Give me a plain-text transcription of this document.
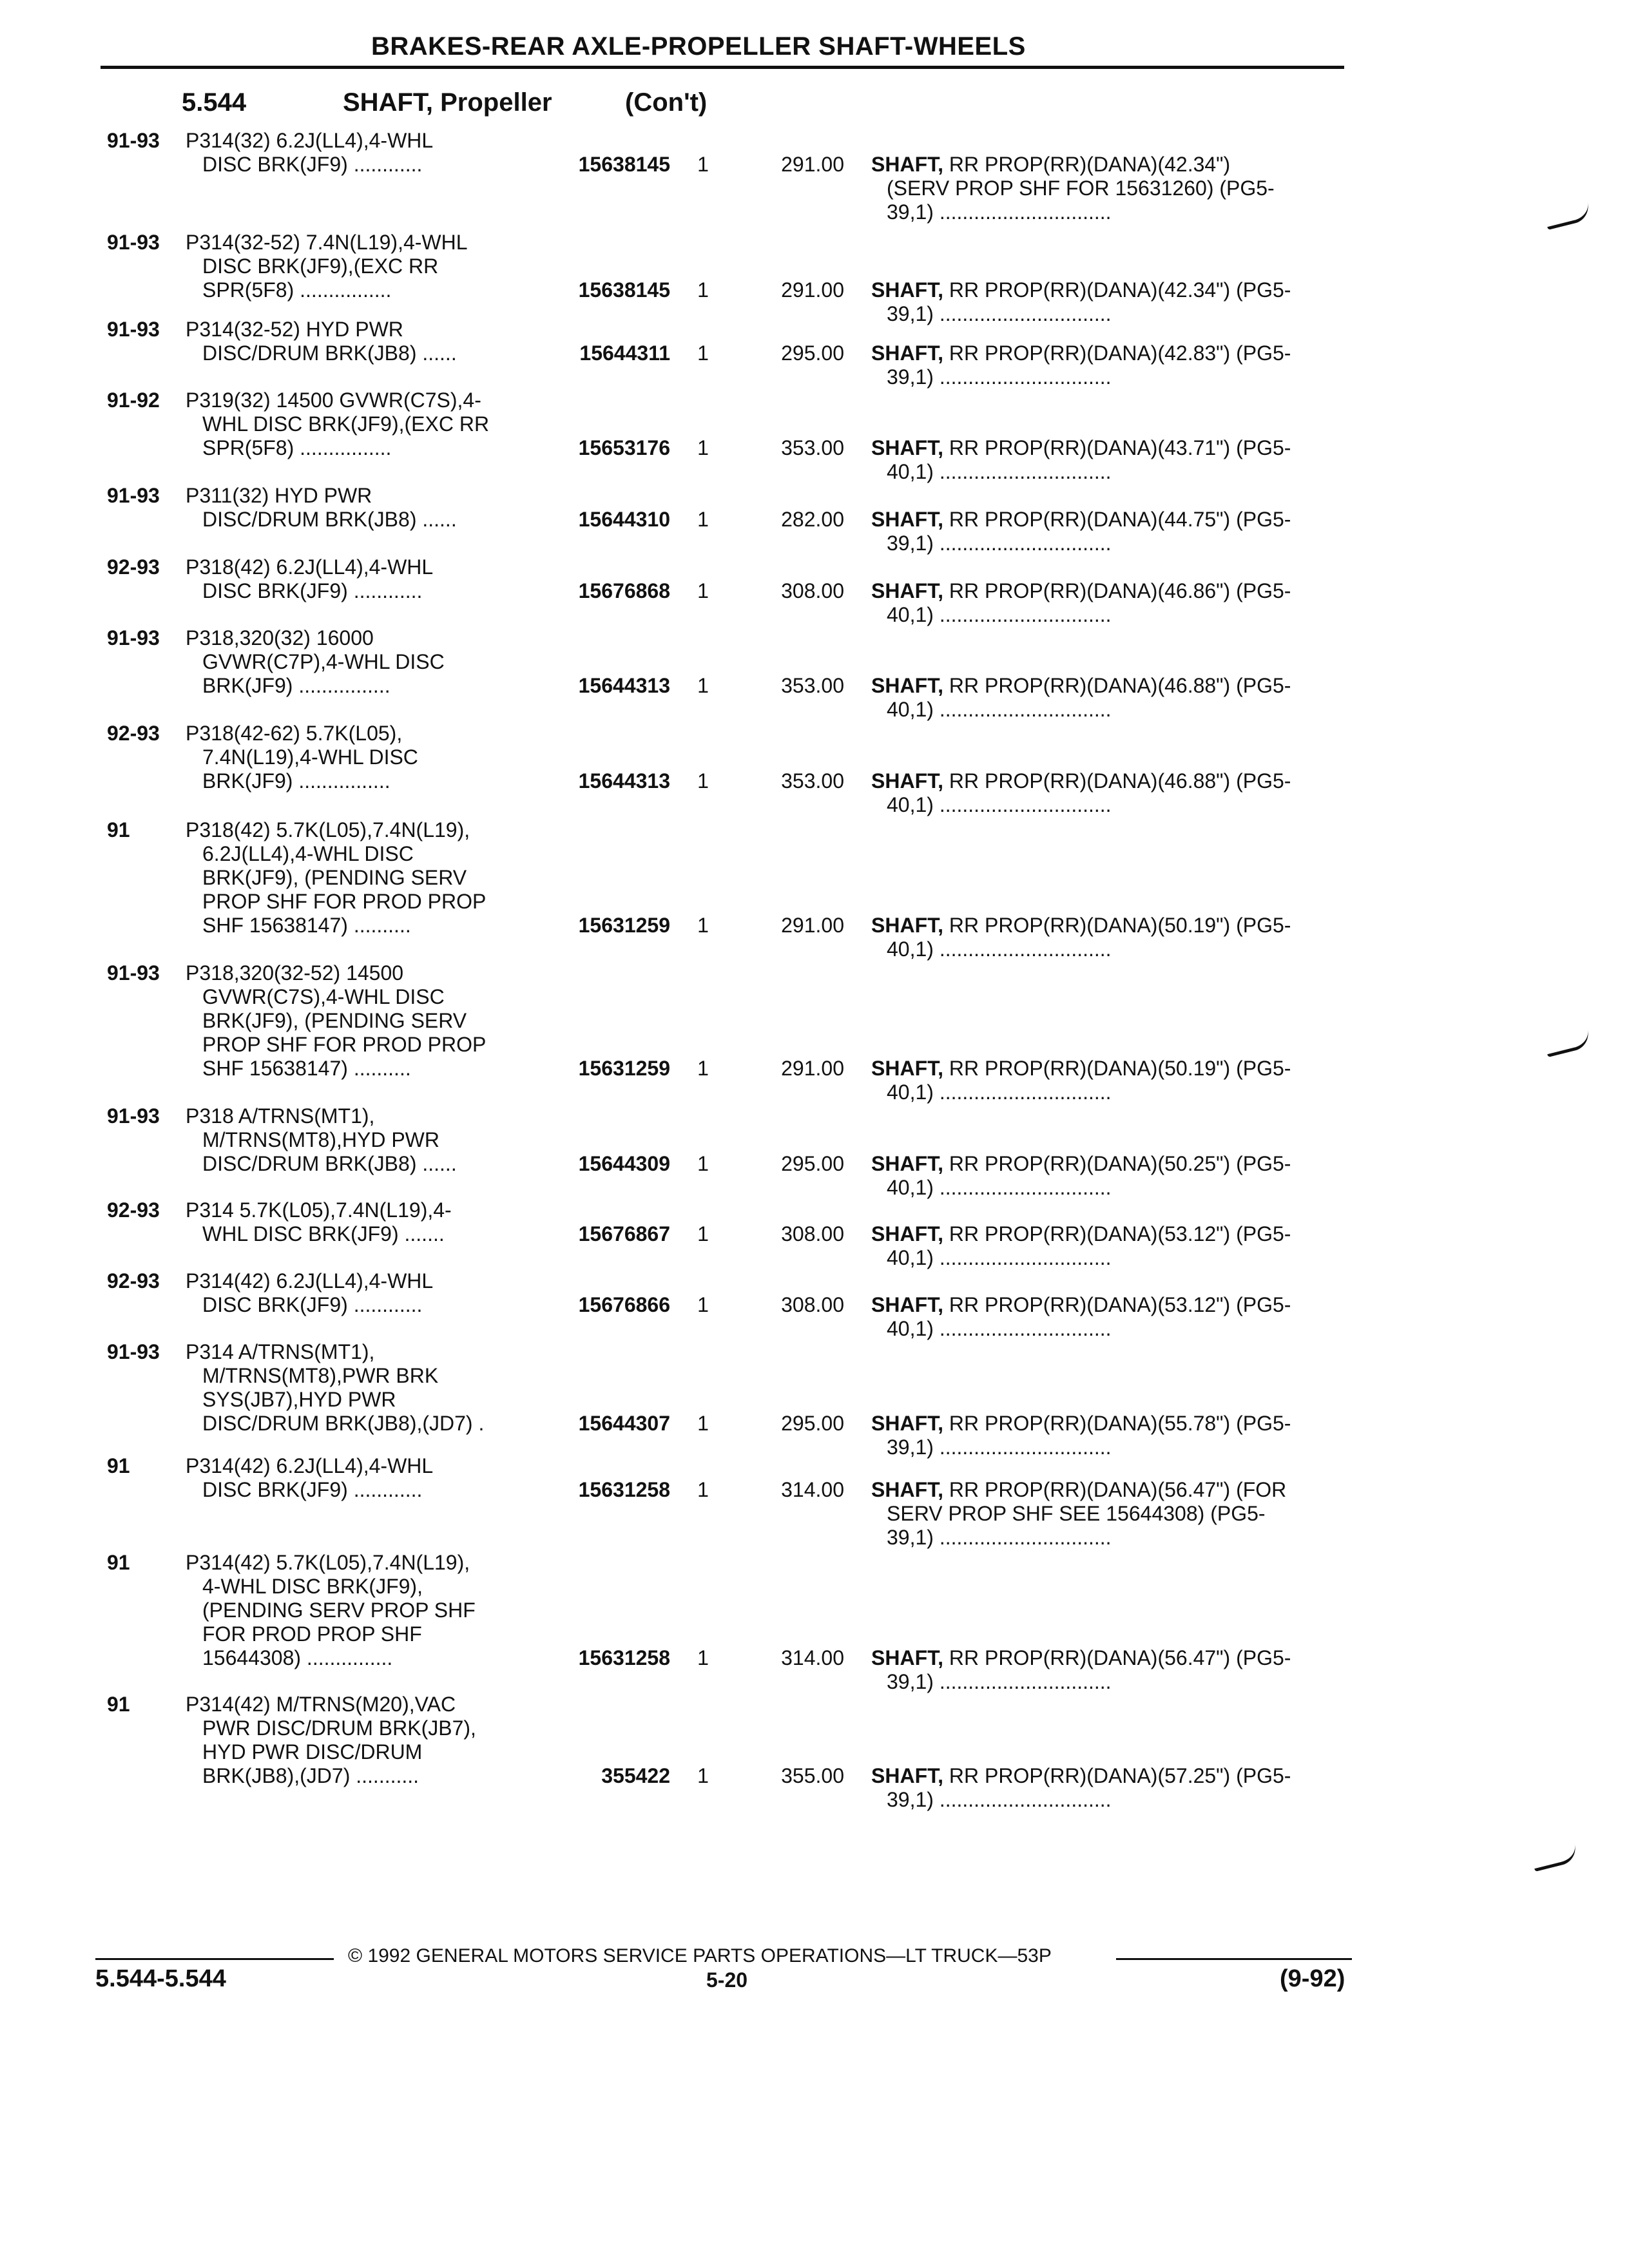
BRAKES-REAR AXLE-PROPELLER SHAFT-WHEELS
5.544	SHAFT, Propeller	(Con't)
91-93 P314(32) 6.2J(LL4),4-WHL
DISC BRK(JF9) ............	15638145 1	291.00 SHAFT, RR PROP(RR)(DANA)(42.34")
(SERV PROP SHF FOR 15631260) (PG5-
39,1) ..............................
91-93 P314(32-52) 7.4N(L19),4-WHL
DISC BRK(JF9),(EXC RR
SPR(5F8) ................	15638145 1	291.00 SHAFT, RR PROP(RR)(DANA)(42.34") (PG5-
39,1) ..............................
91-93 P314(32-52) HYD PWR
DISC/DRUM BRK(JB8) ......	15644311 1	295.00 SHAFT, RR PROP(RR)(DANA)(42.83") (PG5-
39,1) ..............................
91-92 P319(32) 14500 GVWR(C7S),4-
WHL DISC BRK(JF9),(EXC RR
SPR(5F8) ................	15653176 1	353.00 SHAFT, RR PROP(RR)(DANA)(43.71") (PG5-
40,1) ..............................
91-93 P311(32) HYD PWR
DISC/DRUM BRK(JB8) ......	15644310 1	282.00 SHAFT, RR PROP(RR)(DANA)(44.75") (PG5-
39,1) ..............................
92-93 P318(42) 6.2J(LL4),4-WHL
DISC BRK(JF9) ............	15676868 1	308.00 SHAFT, RR PROP(RR)(DANA)(46.86") (PG5-
40,1) ..............................
91-93 P318,320(32) 16000
GVWR(C7P),4-WHL DISC
BRK(JF9) ................	15644313 1	353.00 SHAFT, RR PROP(RR)(DANA)(46.88") (PG5-
40,1) ..............................
92-93 P318(42-62) 5.7K(L05),
7.4N(L19),4-WHL DISC
BRK(JF9) ................	15644313 1	353.00 SHAFT, RR PROP(RR)(DANA)(46.88") (PG5-
40,1) ..............................
91	P318(42) 5.7K(L05),7.4N(L19),
6.2J(LL4),4-WHL DISC
BRK(JF9), (PENDING SERV
PROP SHF FOR PROD PROP
SHF 15638147) ..........	15631259 1	291.00 SHAFT, RR PROP(RR)(DANA)(50.19") (PG5-
40,1) ..............................
91-93 P318,320(32-52) 14500
GVWR(C7S),4-WHL DISC
BRK(JF9), (PENDING SERV
PROP SHF FOR PROD PROP
SHF 15638147) ..........	15631259 1	291.00 SHAFT, RR PROP(RR)(DANA)(50.19") (PG5-
40,1) ..............................
91-93 P318 A/TRNS(MT1),
M/TRNS(MT8),HYD PWR
DISC/DRUM BRK(JB8) ......	15644309 1	295.00 SHAFT, RR PROP(RR)(DANA)(50.25") (PG5-
40,1) ..............................
92-93 P314 5.7K(L05),7.4N(L19),4-
WHL DISC BRK(JF9) .......	15676867 1	308.00 SHAFT, RR PROP(RR)(DANA)(53.12") (PG5-
40,1) ..............................
92-93 P314(42) 6.2J(LL4),4-WHL
DISC BRK(JF9) ............	15676866 1	308.00 SHAFT, RR PROP(RR)(DANA)(53.12") (PG5-
40,1) ..............................
91-93 P314 A/TRNS(MT1),
M/TRNS(MT8),PWR BRK
SYS(JB7),HYD PWR
DISC/DRUM BRK(JB8),(JD7) .	15644307 1	295.00 SHAFT, RR PROP(RR)(DANA)(55.78") (PG5-
39,1) ..............................
91	P314(42) 6.2J(LL4),4-WHL
DISC BRK(JF9) ............	15631258 1	314.00 SHAFT, RR PROP(RR)(DANA)(56.47") (FOR
SERV PROP SHF SEE 15644308) (PG5-
39,1) ..............................
91	P314(42) 5.7K(L05),7.4N(L19),
4-WHL DISC BRK(JF9),
(PENDING SERV PROP SHF
FOR PROD PROP SHF
15644308) ...............	15631258 1	314.00 SHAFT, RR PROP(RR)(DANA)(56.47") (PG5-
39,1) ..............................
91	P314(42) M/TRNS(M20),VAC
PWR DISC/DRUM BRK(JB7),
HYD PWR DISC/DRUM
BRK(JB8),(JD7) ...........	355422 1	355.00 SHAFT, RR PROP(RR)(DANA)(57.25") (PG5-
39,1) ..............................
© 1992 GENERAL MOTORS SERVICE PARTS OPERATIONS—LT TRUCK—53P
5.544-5.544	5-20	(9-92)
